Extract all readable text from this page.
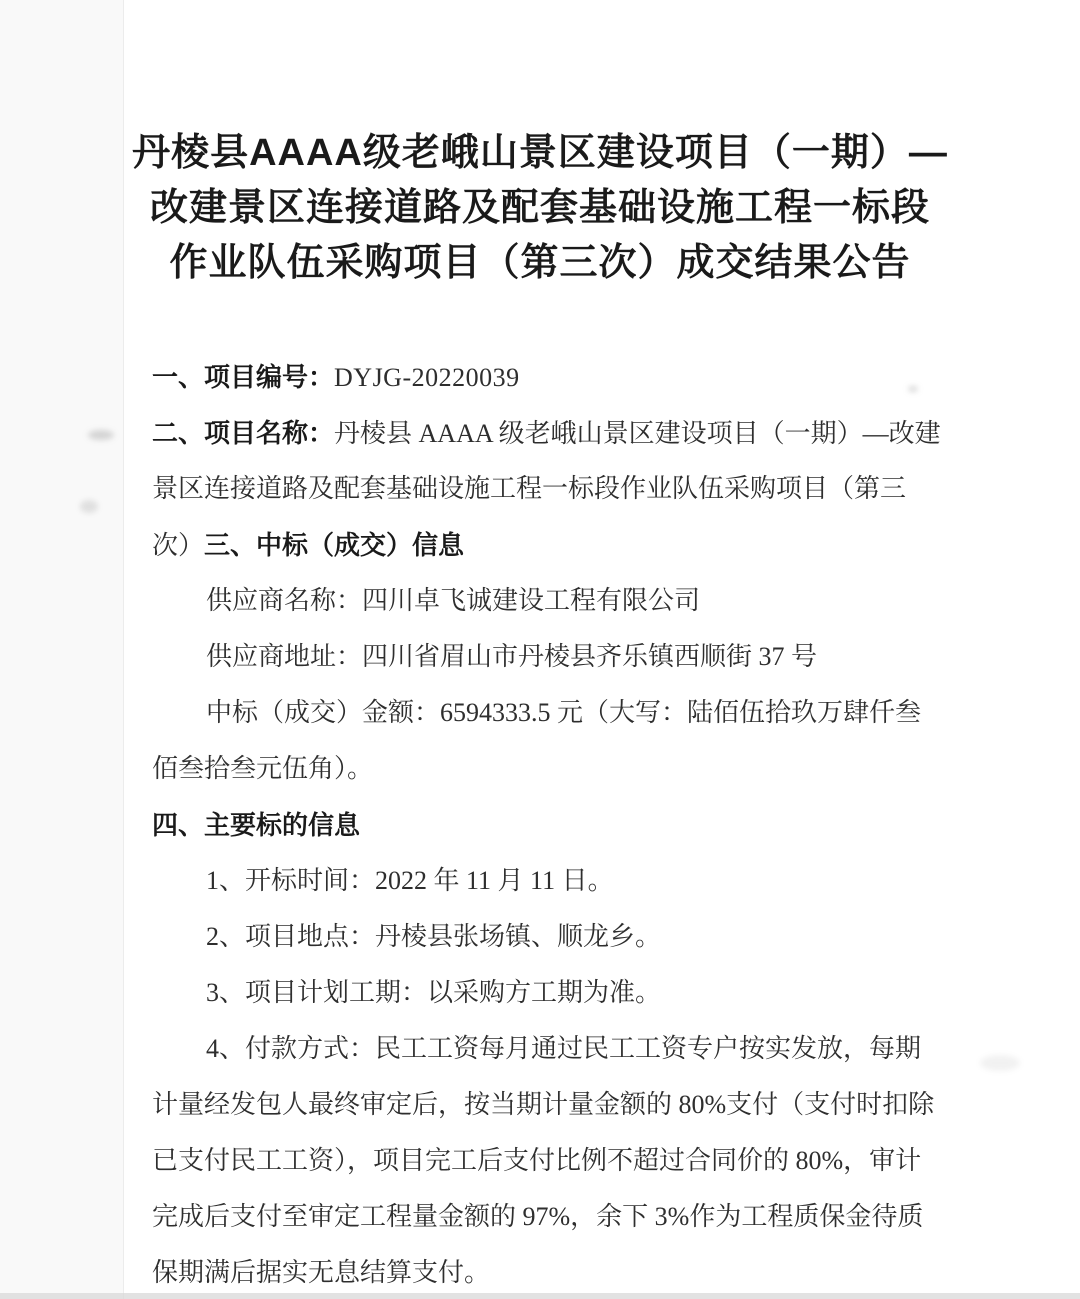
丹棱县AAAA级老峨山景区建设项目（一期）—
改建景区连接道路及配套基础设施工程一标段
作业队伍采购项目（第三次）成交结果公告
一、项目编号：DYJG-20220039
二、项目名称：丹棱县 AAAA 级老峨山景区建设项目（一期）—改建
景区连接道路及配套基础设施工程一标段作业队伍采购项目（第三
次）三、中标（成交）信息
供应商名称：四川卓飞诚建设工程有限公司
供应商地址：四川省眉山市丹棱县齐乐镇西顺街 37 号
中标（成交）金额：6594333.5 元（大写：陆佰伍拾玖万肆仟叁
佰叁拾叁元伍角）。
四、主要标的信息
1、开标时间：2022 年 11 月 11 日。
2、项目地点：丹棱县张场镇、顺龙乡。
3、项目计划工期：以采购方工期为准。
4、付款方式：民工工资每月通过民工工资专户按实发放，每期
计量经发包人最终审定后，按当期计量金额的 80%支付（支付时扣除
已支付民工工资），项目完工后支付比例不超过合同价的 80%，审计
完成后支付至审定工程量金额的 97%，余下 3%作为工程质保金待质
保期满后据实无息结算支付。
